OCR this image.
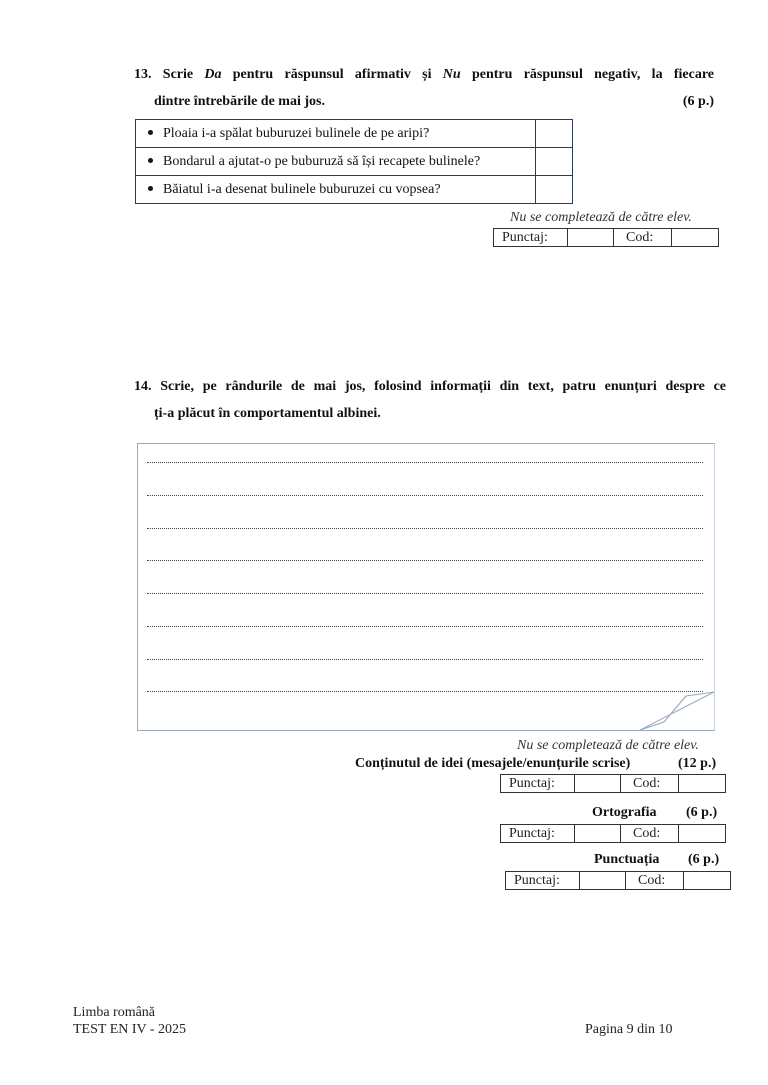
13. Scrie Da pentru răspunsul afirmativ și Nu pentru răspunsul negativ, la fiecare
dintre întrebările de mai jos.	(6 p.)
Ploaia i-a spălat buburuzei bulinele de pe aripi?	
Bondarul a ajutat-o pe buburuză să își recapete bulinele?	
Băiatul i-a desenat bulinele buburuzei cu vopsea?	
Nu se completează de către elev.
Punctaj:		Cod:	
14. Scrie, pe rândurile de mai jos, folosind informații din text, patru enunțuri despre ce
ți-a plăcut în comportamentul albinei.
Nu se completează de către elev.
Conținutul de idei (mesajele/enunțurile scrise)	(12 p.)
Punctaj:		Cod:	
Ortografia (6 p.)
Punctaj:		Cod:	
Punctuația (6 p.)
Punctaj:		Cod:	
Limba română
TEST EN IV - 2025	Pagina 9 din 10
